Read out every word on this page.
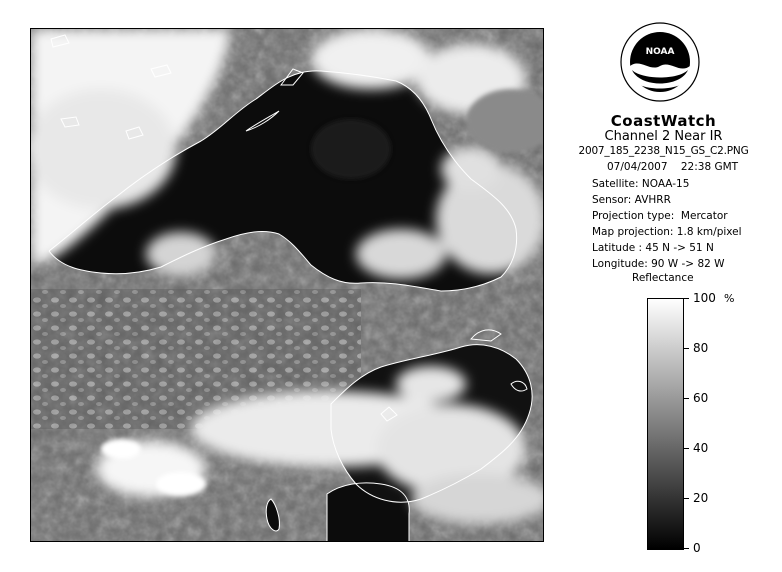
NOAA
CoastWatch
Channel 2 Near IR
2007_185_2238_N15_GS_C2.PNG
07/04/2007    22:38 GMT
Satellite: NOAA-15
Sensor: AVHRR
Projection type:  Mercator
Map projection: 1.8 km/pixel
Latitude : 45 N -> 51 N
Longitude: 90 W -> 82 W
Reflectance
%
100
80
60
40
20
0
